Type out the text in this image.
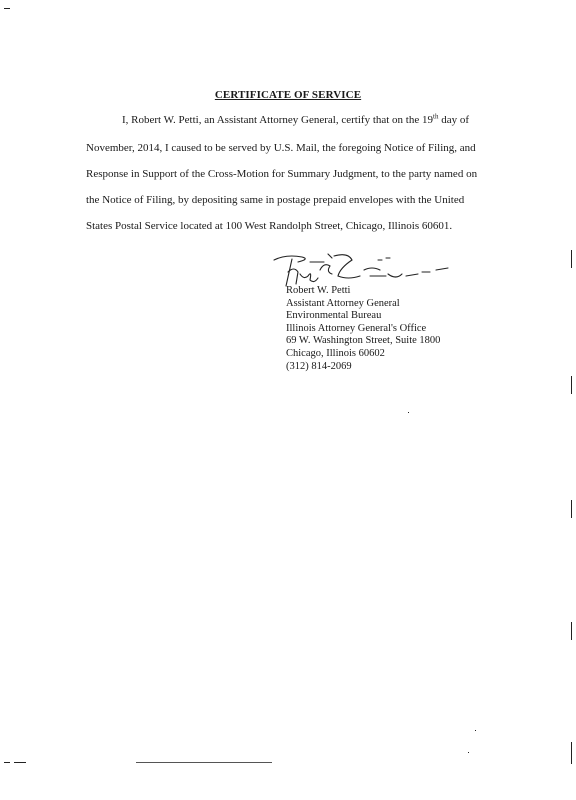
CERTIFICATE OF SERVICE
I, Robert W. Petti, an Assistant Attorney General, certify that on the 19th day of
November, 2014, I caused to be served by U.S. Mail, the foregoing Notice of Filing, and
Response in Support of the Cross-Motion for Summary Judgment, to the party named on
the Notice of Filing, by depositing same in postage prepaid envelopes with the United
States Postal Service located at 100 West Randolph Street, Chicago, Illinois 60601.
Robert W. Petti
Assistant Attorney General
Environmental Bureau
Illinois Attorney General's Office
69 W. Washington Street, Suite 1800
Chicago, Illinois 60602
(312) 814-2069
